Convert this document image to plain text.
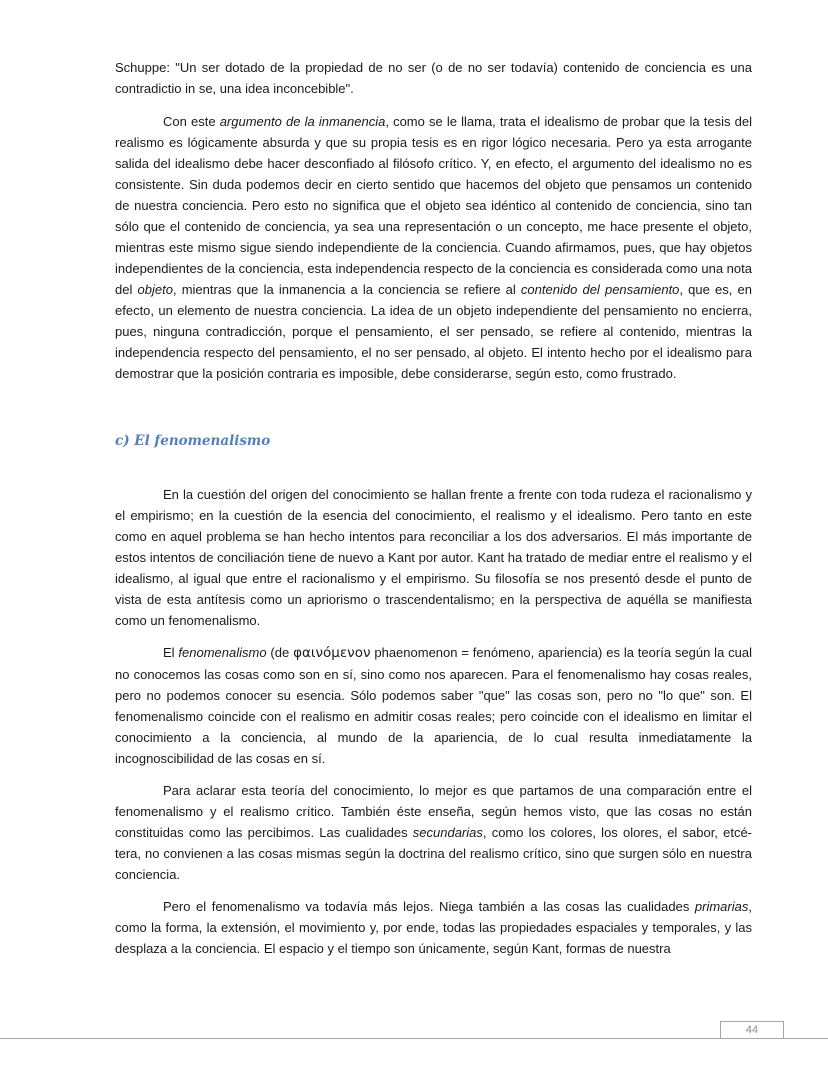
Schuppe: "Un ser dotado de la propiedad de no ser (o de no ser todavía) contenido de conciencia es una contradictio in se, una idea inconcebible".

Con este argumento de la inmanencia, como se le llama, trata el idealismo de probar que la tesis del realismo es lógicamente absurda y que su propia tesis es en rigor lógico necesaria. Pero ya esta arrogante salida del idealismo debe hacer desconfiado al filósofo crítico. Y, en efecto, el argumento del idealismo no es consistente. Sin duda podemos decir en cierto sentido que hacemos del objeto que pensamos un contenido de nuestra conciencia. Pero esto no significa que el objeto sea idéntico al contenido de conciencia, sino tan sólo que el contenido de conciencia, ya sea una representación o un concepto, me hace presente el objeto, mientras este mismo sigue siendo independiente de la conciencia. Cuando afirmamos, pues, que hay objetos independientes de la conciencia, esta independencia respecto de la conciencia es considerada como una nota del objeto, mientras que la inmanencia a la conciencia se refiere al contenido del pensamiento, que es, en efecto, un elemento de nuestra conciencia. La idea de un objeto independiente del pensamiento no encierra, pues, ninguna contradicción, porque el pensamiento, el ser pensado, se refiere al contenido, mientras la independencia respecto del pensamiento, el no ser pensado, al objeto. El intento hecho por el idealismo para demostrar que la posición contraria es imposible, debe considerarse, según esto, como frustrado.

c) El fenomenalismo

En la cuestión del origen del conocimiento se hallan frente a frente con toda rudeza el racionalismo y el empirismo; en la cuestión de la esencia del conocimiento, el realismo y el idealismo. Pero tanto en este como en aquel problema se han hecho intentos para reconciliar a los dos adversarios. El más importante de estos intentos de conciliación tiene de nuevo a Kant por autor. Kant ha tratado de mediar entre el realismo y el idealismo, al igual que entre el racionalismo y el empirismo. Su filosofía se nos presentó desde el punto de vista de esta antítesis como un apriorismo o trascendentalismo; en la perspectiva de aquélla se manifiesta como un fenomenalismo.

El fenomenalismo (de φαινόμενον phaenomenon = fenómeno, apariencia) es la teoría según la cual no conocemos las cosas como son en sí, sino como nos aparecen. Para el fenomenalismo hay cosas reales, pero no podemos conocer su esencia. Sólo podemos saber "que" las cosas son, pero no "lo que" son. El fenomenalismo coincide con el realismo en admitir cosas reales; pero coincide con el idealismo en limitar el conocimiento a la conciencia, al mundo de la apariencia, de lo cual resulta inmediatamente la incognoscibilidad de las cosas en sí.

Para aclarar esta teoría del conocimiento, lo mejor es que partamos de una comparación entre el fenomenalismo y el realismo crítico. También éste enseña, según hemos visto, que las cosas no están constituidas como las percibimos. Las cualidades secundarias, como los colores, los olores, el sabor, etcé-tera, no convienen a las cosas mismas según la doctrina del realismo crítico, sino que surgen sólo en nuestra conciencia.

Pero el fenomenalismo va todavía más lejos. Niega también a las cosas las cualidades primarias, como la forma, la extensión, el movimiento y, por ende, todas las propiedades espaciales y temporales, y las desplaza a la conciencia. El espacio y el tiempo son únicamente, según Kant, formas de nuestra

44
